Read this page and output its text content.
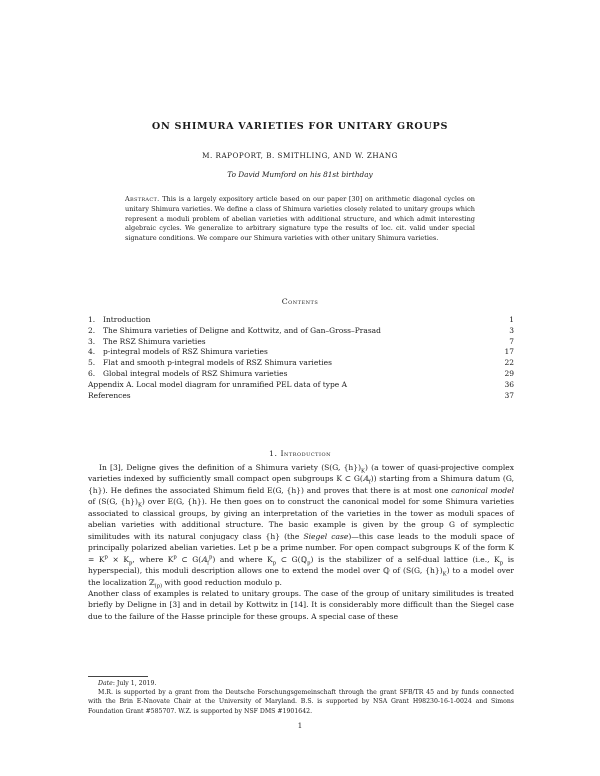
ON SHIMURA VARIETIES FOR UNITARY GROUPS
M. RAPOPORT, B. SMITHLING, AND W. ZHANG
To David Mumford on his 81st birthday
Abstract. This is a largely expository article based on our paper [30] on arithmetic diagonal cycles on unitary Shimura varieties. We define a class of Shimura varieties closely related to unitary groups which represent a moduli problem of abelian varieties with additional structure, and which admit interesting algebraic cycles. We generalize to arbitrary signature type the results of loc. cit. valid under special signature conditions. We compare our Shimura varieties with other unitary Shimura varieties.
Contents
1. Introduction	1
2. The Shimura varieties of Deligne and Kottwitz, and of Gan–Gross–Prasad	3
3. The RSZ Shimura varieties	7
4. p-integral models of RSZ Shimura varieties	17
5. Flat and smooth p-integral models of RSZ Shimura varieties	22
6. Global integral models of RSZ Shimura varieties	29
Appendix A. Local model diagram for unramified PEL data of type A	36
References	37
1. Introduction

In [3], Deligne gives the definition of a Shimura variety (S(G, $\{h\})_K$) (a tower of quasi-projective complex varieties indexed by sufficiently small compact open subgroups K ⊂ G(𝔸$_f$)) starting from a Shimura datum (G, {h}). He defines the associated Shimum field E(G, {h}) and proves that there is at most one canonical model of (S(G, $\{h\})_K$) over E(G, {h}). He then goes on to construct the canonical model for some Shimura varieties associated to classical groups, by giving an interpretation of the varieties in the tower as moduli spaces of abelian varieties with additional structure. The basic example is given by the group G of symplectic similitudes with its natural conjugacy class {h} (the Siegel case)—this case leads to the moduli space of principally polarized abelian varieties. Let p be a prime number. For open compact subgroups K of the form $K = K^p \times K_p$, where $K^p$ ⊂ G(𝔸$_f^p$) and where $K_p$ ⊂ G(ℚ$_p$) is the stabilizer of a self-dual lattice (i.e., $K_p$ is hyperspecial), this moduli description allows one to extend the model over ℚ of (S(G, $\{h\})_K$) to a model over the localization ℤ$_{(p)}$ with good reduction modulo p.

Another class of examples is related to unitary groups. The case of the group of unitary similitudes is treated briefly by Deligne in [3] and in detail by Kottwitz in [14]. It is considerably more difficult than the Siegel case due to the failure of the Hasse principle for these groups. A special case of these

Date: July 1, 2019.

M.R. is supported by a grant from the Deutsche Forschungsgemeinschaft through the grant SFB/TR 45 and by funds connected with the Brin E-Nnovate Chair at the University of Maryland. B.S. is supported by NSA Grant H98230-16-1-0024 and Simons Foundation Grant #585707. W.Z. is supported by NSF DMS #1901642.

1
